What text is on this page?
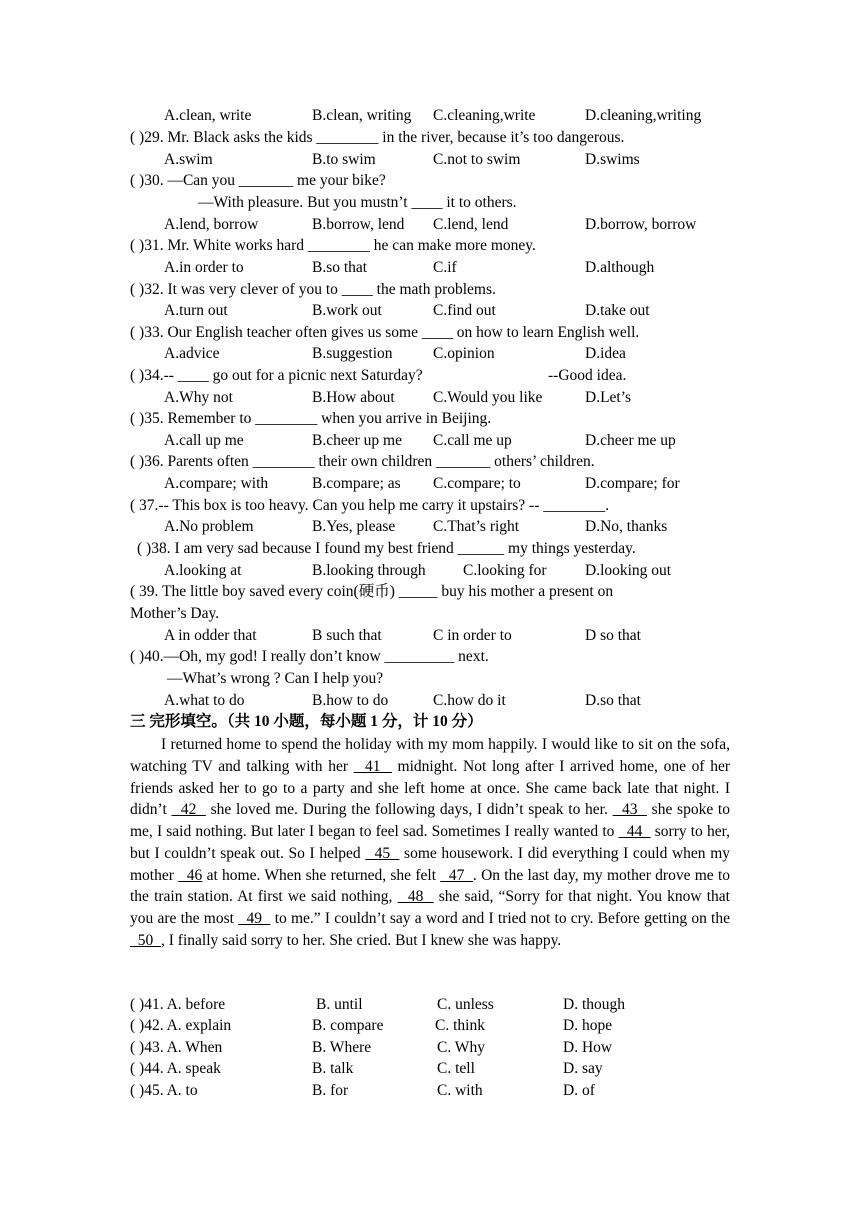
A.clean, write	B.clean, writing C.cleaning,write	D.cleaning,writing
( )29. Mr. Black asks the kids ________ in the river, because it’s too dangerous.
A.swim	B.to swim	C.not to swim	D.swims
( )30. —Can you _______ me your bike?
—With pleasure. But you mustn’t ____ it to others.
A.lend, borrow	B.borrow, lend C.lend, lend	D.borrow, borrow
( )31. Mr. White works hard ________ he can make more money.
A.in order to	B.so that	C.if	D.although
( )32. It was very clever of you to ____ the math problems.
A.turn out	B.work out	C.find out	D.take out
( )33. Our English teacher often gives us some ____ on how to learn English well.
A.advice	B.suggestion	C.opinion	D.idea
( )34.-- ____ go out for a picnic next Saturday?	--Good idea.
A.Why not	B.How about C.Would you like	D.Let’s
( )35. Remember to ________ when you arrive in Beijing.
A.call up me	B.cheer up me C.call me up	D.cheer me up
( )36. Parents often ________ their own children _______ others’ children.
A.compare; with	B.compare; as C.compare; to	D.compare; for
( 37.-- This box is too heavy. Can you help me carry it upstairs? -- ________.
A.No problem	B.Yes, please C.That’s right	D.No, thanks
( )38. I am very sad because I found my best friend ______ my things yesterday.
A.looking at	B.looking through C.looking for D.looking out
( 39. The little boy saved every coin(硬币) _____ buy his mother a present on
Mother’s Day.
A in odder that	B such that	C in order to	D so that
( )40.—Oh, my god! I really don’t know _________ next.
—What’s wrong ? Can I help you?
A.what to do	B.how to do	C.how do it	D.so that
三 完形填空。（共 10 小题，每小题 1 分，计 10 分）
I returned home to spend the holiday with my mom happily. I would like to sit on the sofa, watching TV and talking with her   41   midnight. Not long after I arrived home, one of her friends asked her to go to a party and she left home at once. She came back late that night. I didn’t   42   she loved me. During the following days, I didn’t speak to her.   43   she spoke to me, I said nothing. But later I began to feel sad. Sometimes I really wanted to   44   sorry to her, but I couldn’t speak out. So I helped   45   some housework. I did everything I could when my mother   46 at home. When she returned, she felt   47  . On the last day, my mother drove me to the train station. At first we said nothing,   48   she said, “Sorry for that night. You know that you are the most   49   to me.” I couldn’t say a word and I tried not to cry. Before getting on the   50  , I finally said sorry to her. She cried. But I knew she was happy.
( )41. A. before	B. until	C. unless	D. though
( )42. A. explain	B. compare	C. think	D. hope
( )43. A. When	B. Where	C. Why	D. How
( )44. A. speak	B. talk	C. tell	D. say
( )45. A. to	B. for	C. with	D. of
